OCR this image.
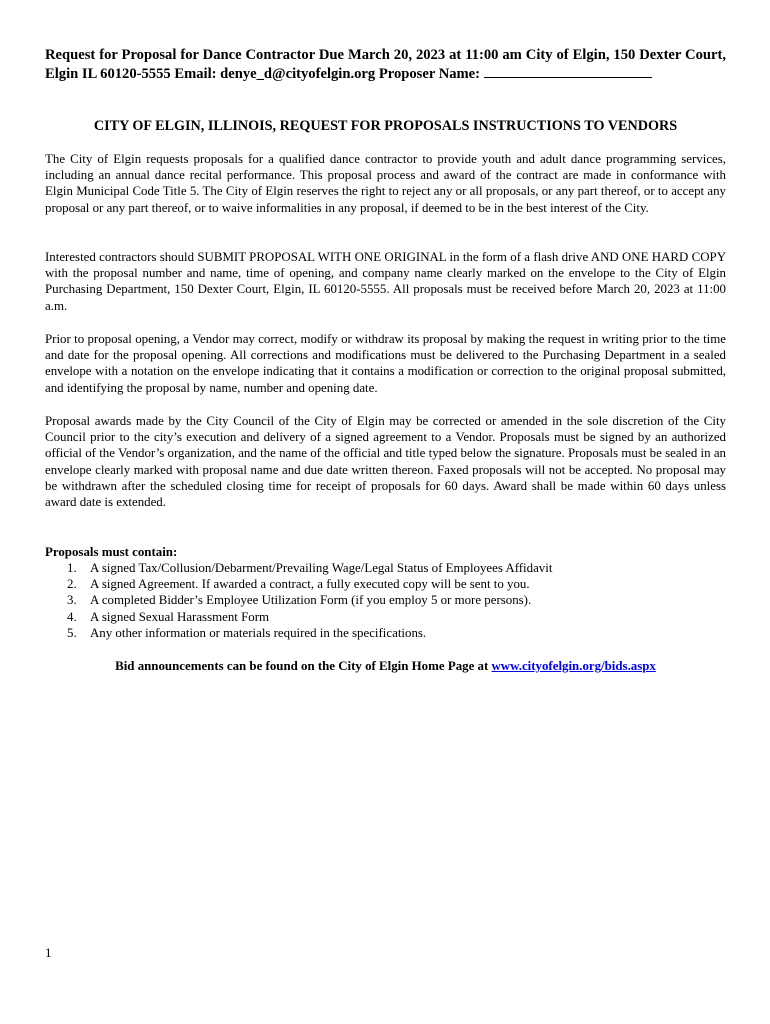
Request for Proposal for Dance Contractor Due March 20, 2023 at 11:00 am City of Elgin, 150 Dexter Court, Elgin IL 60120-5555 Email: denye_d@cityofelgin.org Proposer Name:
CITY OF ELGIN, ILLINOIS, REQUEST FOR PROPOSALS INSTRUCTIONS TO VENDORS
The City of Elgin requests proposals for a qualified dance contractor to provide youth and adult dance programming services, including an annual dance recital performance. This proposal process and award of the contract are made in conformance with Elgin Municipal Code Title 5. The City of Elgin reserves the right to reject any or all proposals, or any part thereof, or to accept any proposal or any part thereof, or to waive informalities in any proposal, if deemed to be in the best interest of the City.
Interested contractors should SUBMIT PROPOSAL WITH ONE ORIGINAL in the form of a flash drive AND ONE HARD COPY with the proposal number and name, time of opening, and company name clearly marked on the envelope to the City of Elgin Purchasing Department, 150 Dexter Court, Elgin, IL 60120-5555. All proposals must be received before March 20, 2023 at 11:00 a.m.
Prior to proposal opening, a Vendor may correct, modify or withdraw its proposal by making the request in writing prior to the time and date for the proposal opening. All corrections and modifications must be delivered to the Purchasing Department in a sealed envelope with a notation on the envelope indicating that it contains a modification or correction to the original proposal submitted, and identifying the proposal by name, number and opening date.
Proposal awards made by the City Council of the City of Elgin may be corrected or amended in the sole discretion of the City Council prior to the city’s execution and delivery of a signed agreement to a Vendor. Proposals must be signed by an authorized official of the Vendor’s organization, and the name of the official and title typed below the signature. Proposals must be sealed in an envelope clearly marked with proposal name and due date written thereon. Faxed proposals will not be accepted. No proposal may be withdrawn after the scheduled closing time for receipt of proposals for 60 days. Award shall be made within 60 days unless award date is extended.
Proposals must contain:
1. A signed Tax/Collusion/Debarment/Prevailing Wage/Legal Status of Employees Affidavit
2. A signed Agreement. If awarded a contract, a fully executed copy will be sent to you.
3. A completed Bidder’s Employee Utilization Form (if you employ 5 or more persons).
4. A signed Sexual Harassment Form
5. Any other information or materials required in the specifications.
Bid announcements can be found on the City of Elgin Home Page at www.cityofelgin.org/bids.aspx
1
